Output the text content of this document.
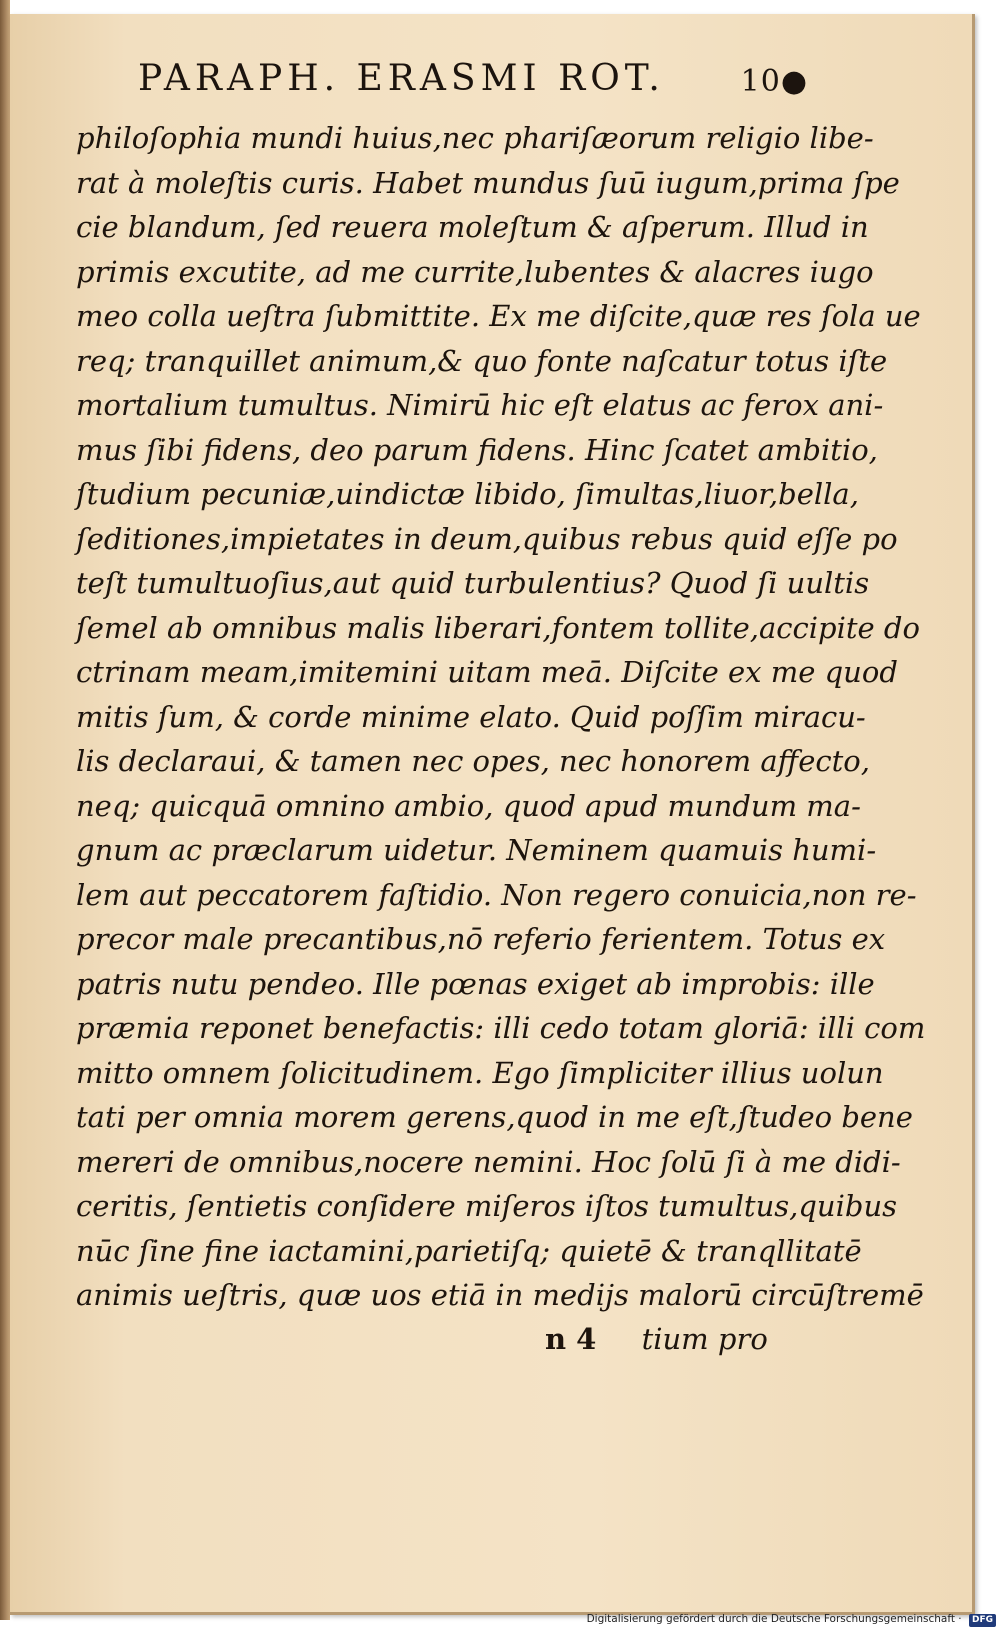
PARAPH. ERASMI ROT.	10●
philoſophia mundi huius,nec phariſæorum religio libe-
rat à moleſtis curis. Habet mundus ſuū iugum,prima ſpe
cie blandum, ſed reuera moleſtum & aſperum. Illud in
primis excutite, ad me currite,lubentes & alacres iugo
meo colla ueſtra ſubmittite. Ex me diſcite,quæ res ſola ue
req; tranquillet animum,& quo fonte naſcatur totus iſte
mortalium tumultus. Nimirū hic eſt elatus ac ferox ani-
mus ſibi fidens, deo parum fidens. Hinc ſcatet ambitio,
ſtudium pecuniæ,uindictæ libido, ſimultas,liuor,bella,
ſeditiones,impietates in deum,quibus rebus quid eſſe po
teſt tumultuoſius,aut quid turbulentius? Quod ſi uultis
ſemel ab omnibus malis liberari,fontem tollite,accipite do
ctrinam meam,imitemini uitam meā. Diſcite ex me quod
mitis ſum, & corde minime elato. Quid poſſim miracu-
lis declaraui, & tamen nec opes, nec honorem affecto,
neq; quicquā omnino ambio, quod apud mundum ma-
gnum ac præclarum uidetur. Neminem quamuis humi-
lem aut peccatorem faſtidio. Non regero conuicia,non re-
precor male precantibus,nō referio ferientem. Totus ex
patris nutu pendeo. Ille pœnas exiget ab improbis: ille
præmia reponet benefactis: illi cedo totam gloriā: illi com
mitto omnem ſolicitudinem. Ego ſimpliciter illius uolun
tati per omnia morem gerens,quod in me eſt,ſtudeo bene
mereri de omnibus,nocere nemini. Hoc ſolū ſi à me didi-
ceritis, ſentietis conſidere miſeros iſtos tumultus,quibus
nūc ſine fine iactamini,parietiſq; quietē & tranqllitatē
animis ueſtris, quæ uos etiā in medijs malorū circūſtremē
n 4 tium pro
Digitalisierung gefördert durch die Deutsche Forschungsgemeinschaft · DFG
